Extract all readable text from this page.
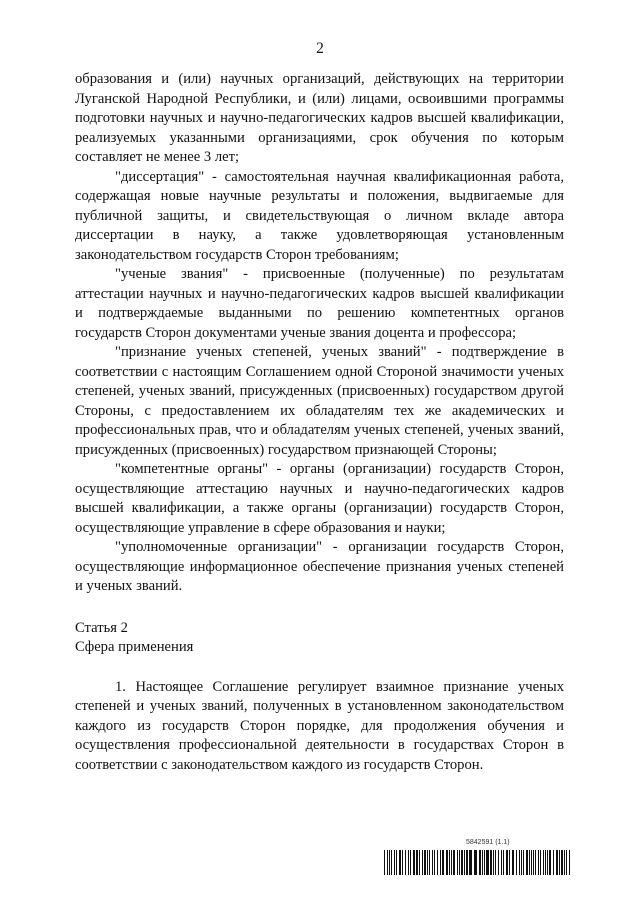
2

образования и (или) научных организаций, действующих на территории Луганской Народной Республики, и (или) лицами, освоившими программы подготовки научных и научно-педагогических кадров высшей квалификации, реализуемых указанными организациями, срок обучения по которым составляет не менее 3 лет;

"диссертация" - самостоятельная научная квалификационная работа, содержащая новые научные результаты и положения, выдвигаемые для публичной защиты, и свидетельствующая о личном вкладе автора диссертации в науку, а также удовлетворяющая установленным законодательством государств Сторон требованиям;

"ученые звания" - присвоенные (полученные) по результатам аттестации научных и научно-педагогических кадров высшей квалификации и подтверждаемые выданными по решению компетентных органов государств Сторон документами ученые звания доцента и профессора;

"признание ученых степеней, ученых званий" - подтверждение в соответствии с настоящим Соглашением одной Стороной значимости ученых степеней, ученых званий, присужденных (присвоенных) государством другой Стороны, с предоставлением их обладателям тех же академических и профессиональных прав, что и обладателям ученых степеней, ученых званий, присужденных (присвоенных) государством признающей Стороны;

"компетентные органы" - органы (организации) государств Сторон, осуществляющие аттестацию научных и научно-педагогических кадров высшей квалификации, а также органы (организации) государств Сторон, осуществляющие управление в сфере образования и науки;

"уполномоченные организации" - организации государств Сторон, осуществляющие информационное обеспечение признания ученых степеней и ученых званий.

Статья 2

Сфера применения

1. Настоящее Соглашение регулирует взаимное признание ученых степеней и ученых званий, полученных в установленном законодательством каждого из государств Сторон порядке, для продолжения обучения и осуществления профессиональной деятельности в государствах Сторон в соответствии с законодательством каждого из государств Сторон.

5842591 (1.1)
